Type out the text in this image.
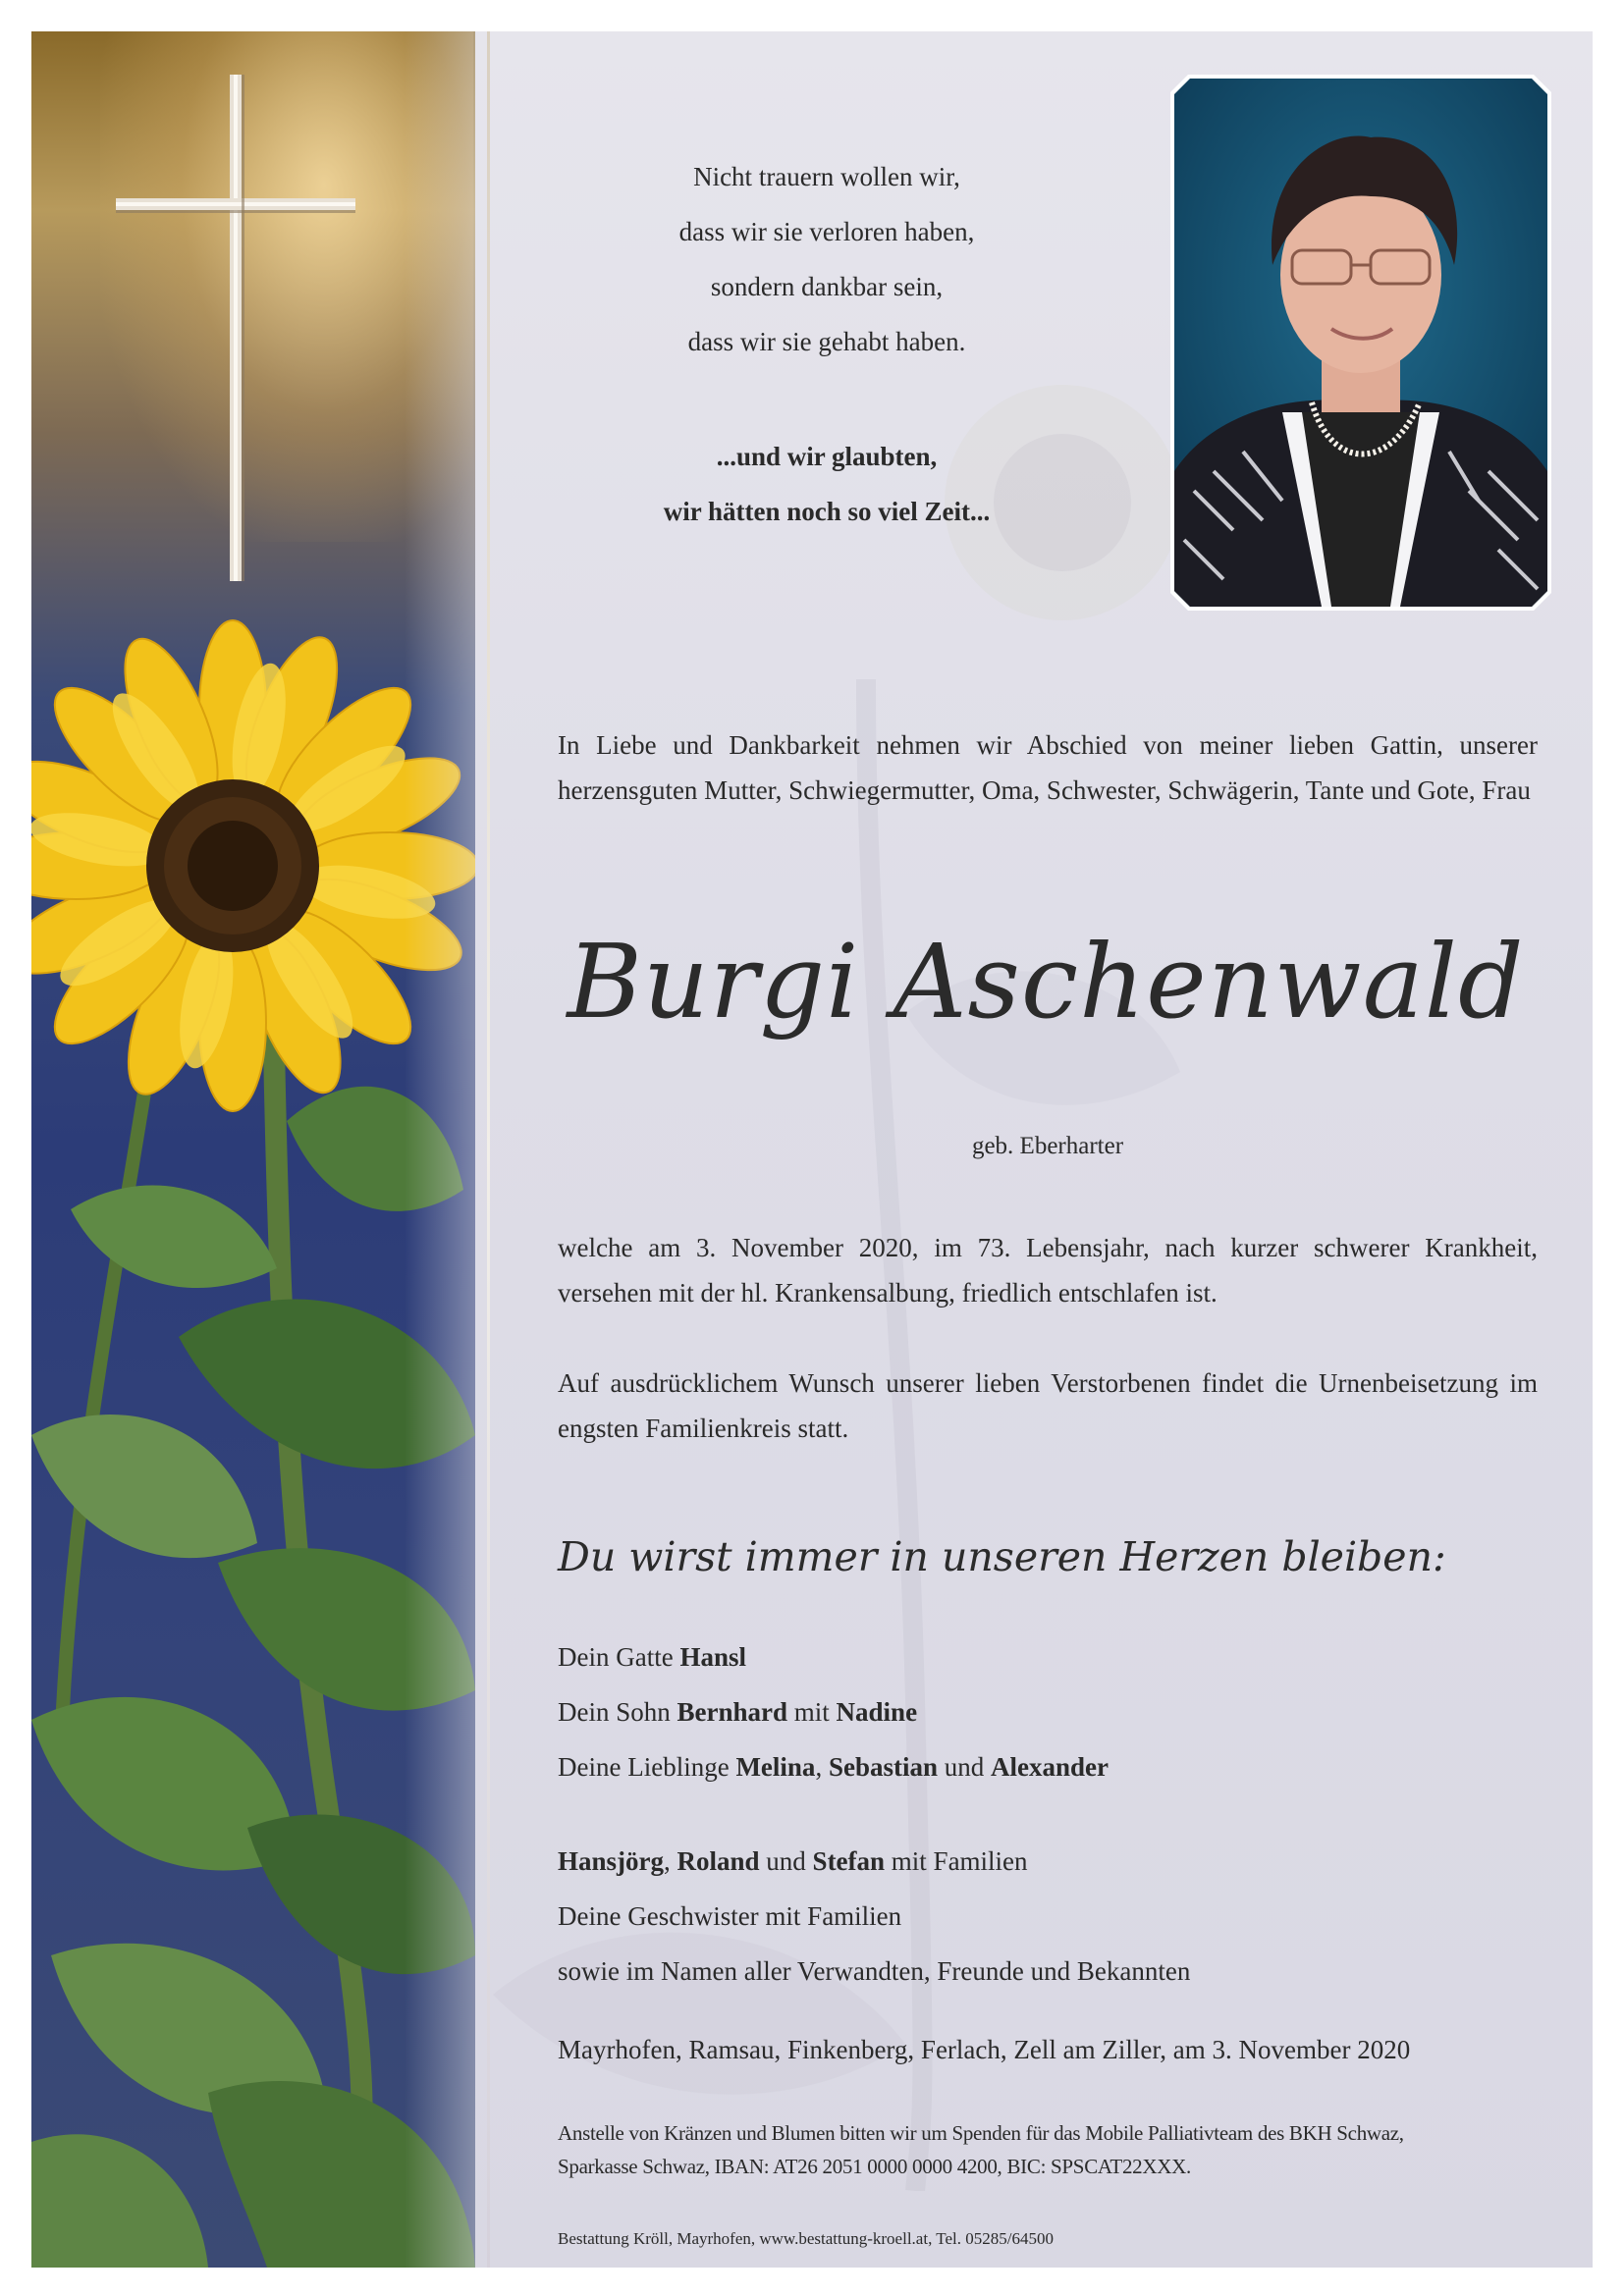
Nicht trauern wollen wir,
dass wir sie verloren haben,
sondern dankbar sein,
dass wir sie gehabt haben.
...und wir glaubten,
wir hätten noch so viel Zeit...
In Liebe und Dankbarkeit nehmen wir Abschied von meiner lieben Gattin, unserer herzensguten Mutter, Schwiegermutter, Oma, Schwester, Schwägerin, Tante und Gote, Frau
Burgi Aschenwald
geb. Eberharter
welche am 3. November 2020, im 73. Lebensjahr, nach kurzer schwerer Krankheit, versehen mit der hl. Krankensalbung, friedlich entschlafen ist.
Auf ausdrücklichem Wunsch unserer lieben Verstorbenen findet die Urnenbeisetzung im engsten Familienkreis statt.
Du wirst immer in unseren Herzen bleiben:
Dein Gatte Hansl
Dein Sohn Bernhard mit Nadine
Deine Lieblinge Melina, Sebastian und Alexander
Hansjörg, Roland und Stefan mit Familien
Deine Geschwister mit Familien
sowie im Namen aller Verwandten, Freunde und Bekannten
Mayrhofen, Ramsau, Finkenberg, Ferlach, Zell am Ziller, am 3. November 2020
Anstelle von Kränzen und Blumen bitten wir um Spenden für das Mobile Palliativteam des BKH Schwaz,
Sparkasse Schwaz, IBAN: AT26 2051 0000 0000 4200, BIC: SPSCAT22XXX.
Bestattung Kröll, Mayrhofen, www.bestattung-kroell.at, Tel. 05285/64500
